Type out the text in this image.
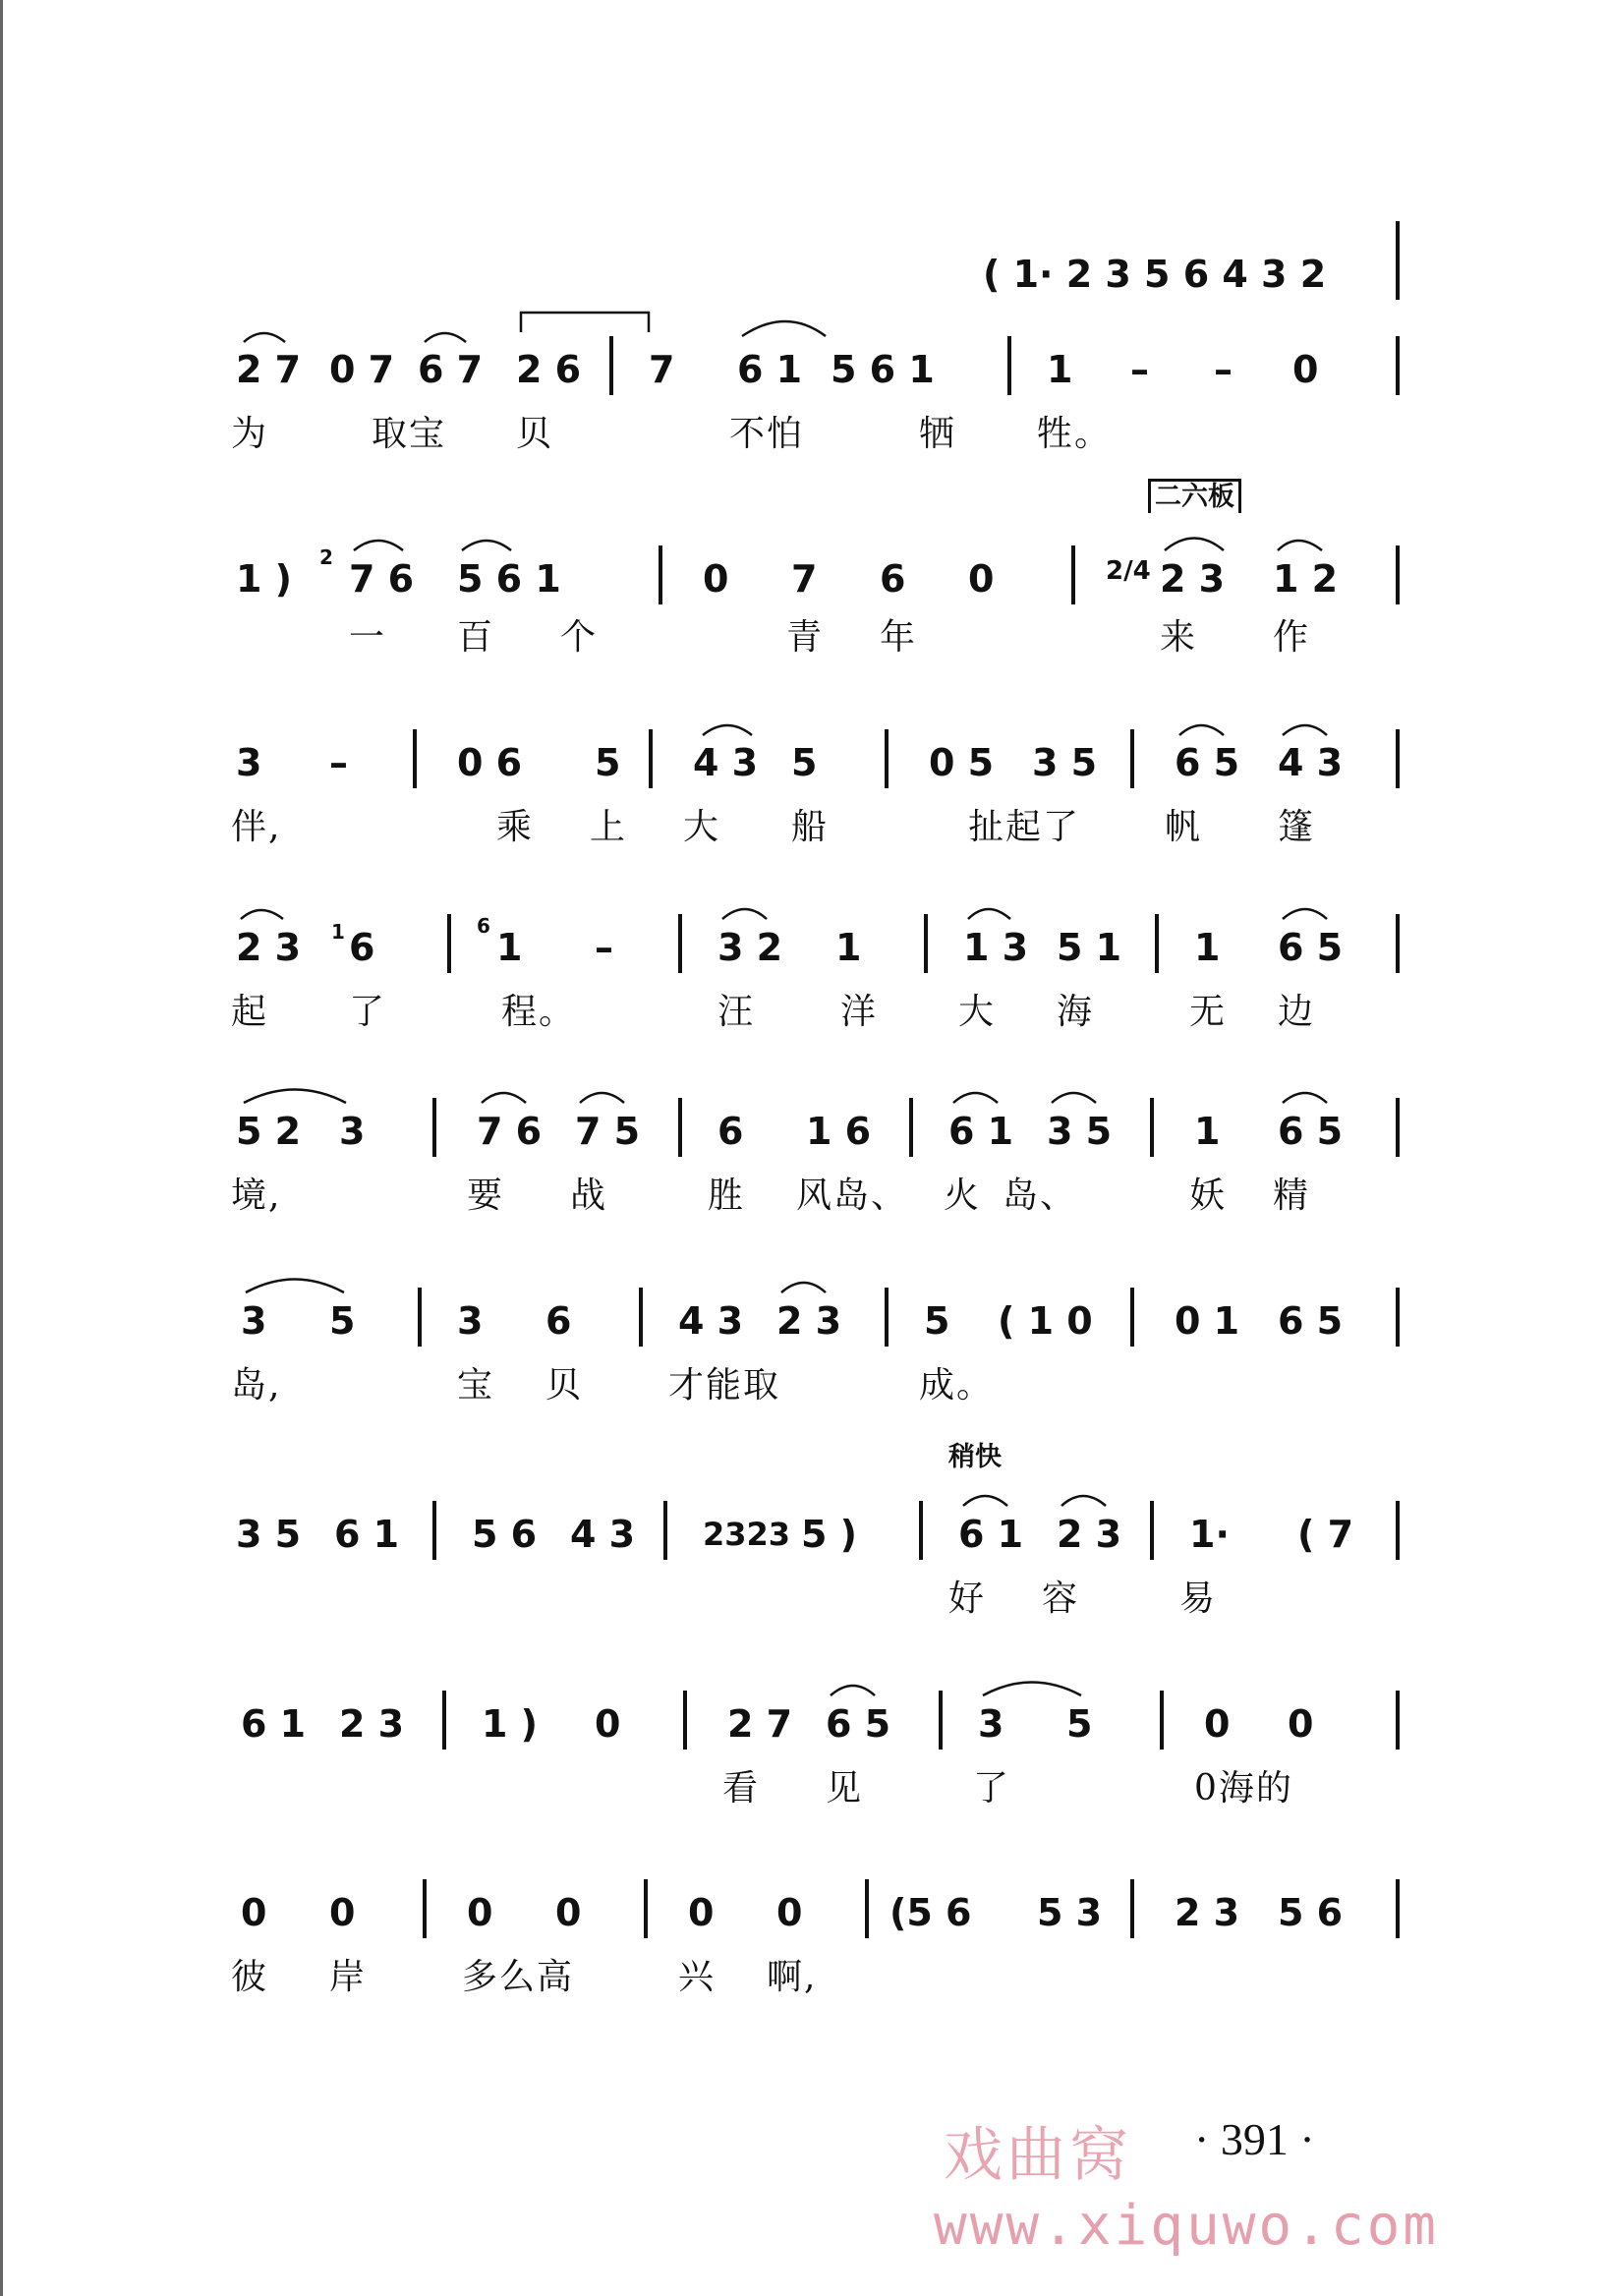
( 1· 2 3 5 6 4 3 2
2 7 0 7 6 7 2 6 7 6 1 5 6 1	1 – – 0
为	取宝 贝	不怕	牺 牲。
二六板
1 ) 2 7 6 5 6 1	0 7 6 0	2/4 2 3 1 2
一 百 个	青 年	来 作
3 –	0 6 5 4 3 5	0 5 3 5 6 5 4 3
伴,	乘 上 大 船	扯起了 帆 篷
2 3 1 6	6 1 –	3 2 1	1 3 5 1 1 6 5
起 了	程。	汪 洋 大 海	无 边
5 2 3	7 6 7 5 6 1 6 6 1 3 5 1 6 5
境,	要 战	胜 风岛、 火 岛、	妖 精
3 5	3 6	4 3 2 3 5 ( 1 0 0 1 6 5
岛,	宝 贝 才能取	成。
稍快
3 5 6 1 5 6 4 3 2323 5 )	6 1 2 3 1· ( 7
好 容	易
6 1 2 3 1 ) 0	2 7 6 5 3 5	0 0
看 见	了	0海的
0 0	0 0	0 0 (5 6 5 3 2 3 5 6
彼 岸	多么高	兴 啊,
戏曲窝 · 391 ·
www.xiquwo.com
